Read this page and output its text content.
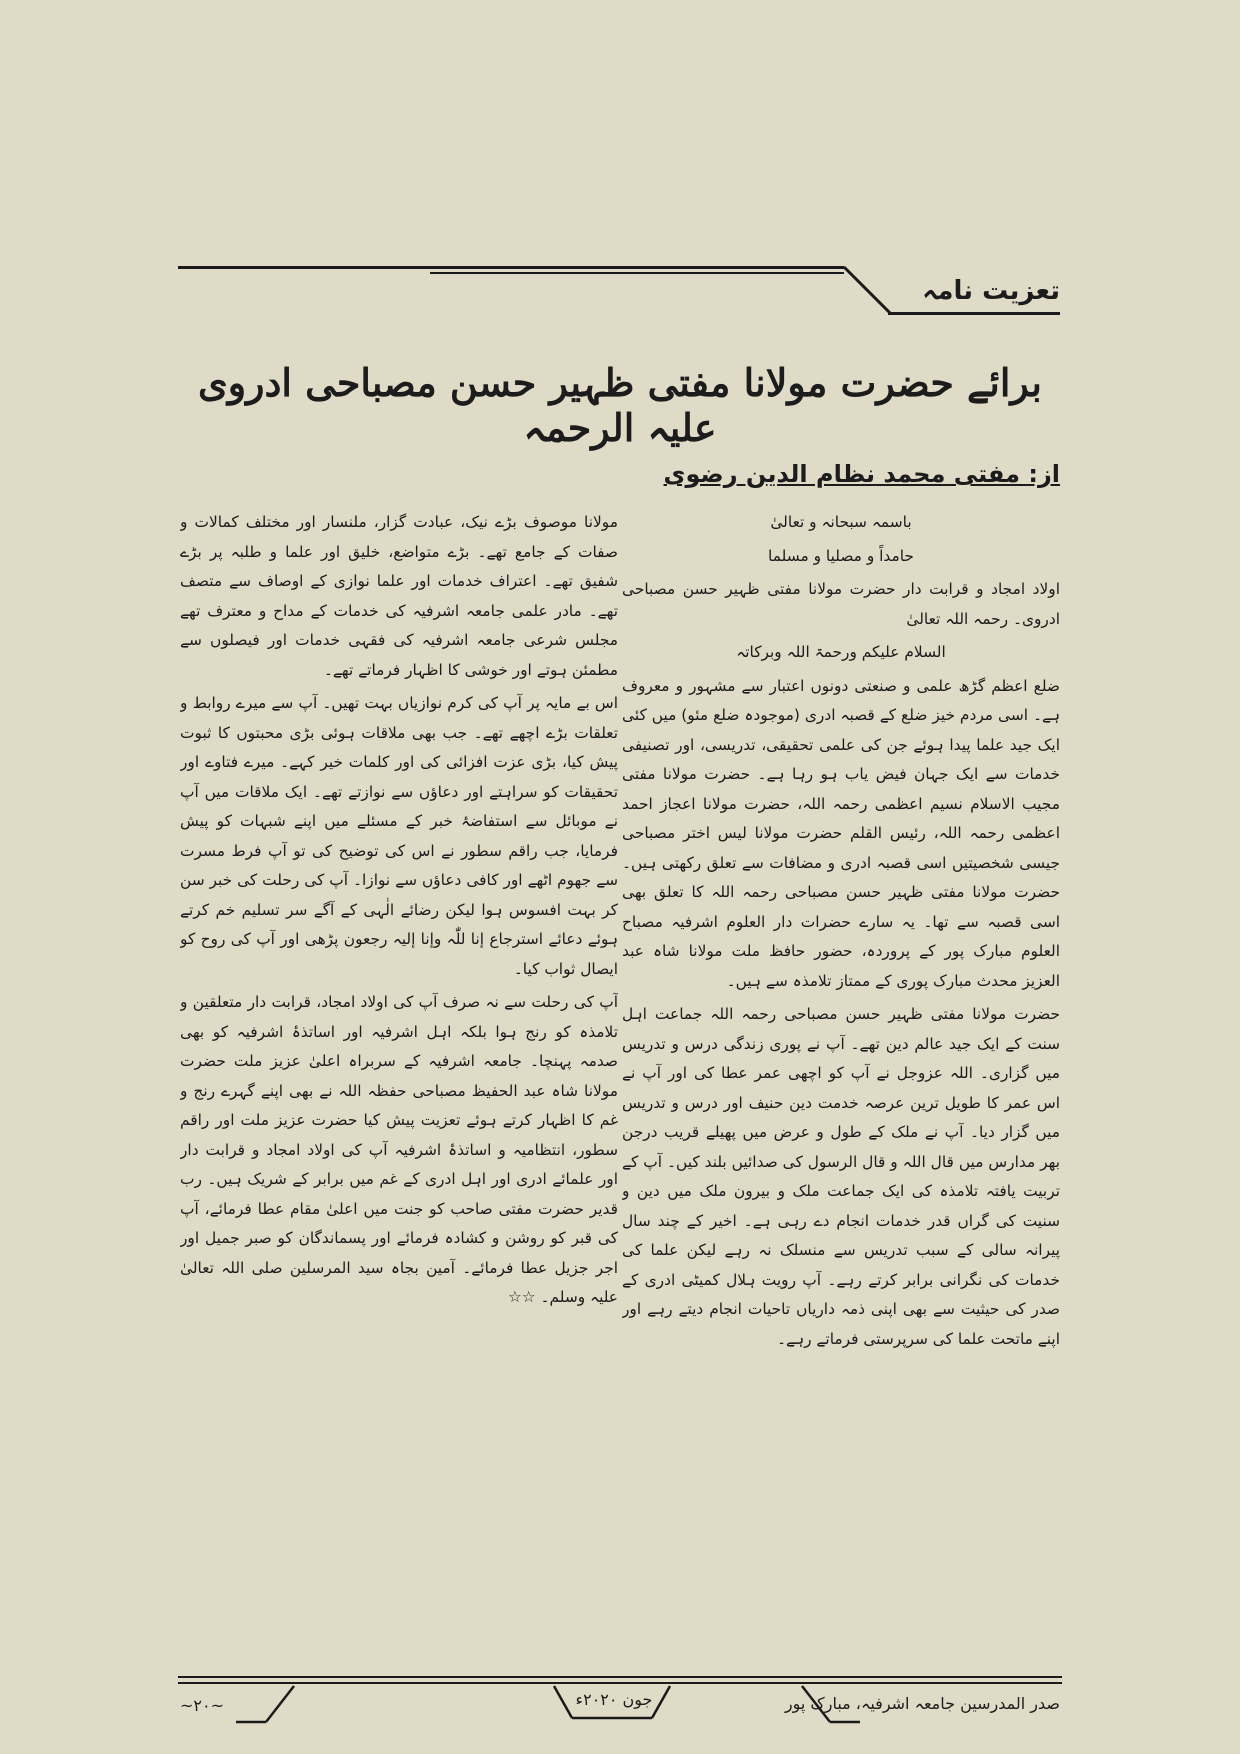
تعزیت نامہ
برائے حضرت مولانا مفتی ظہیر حسن مصباحی ادروی علیہ الرحمہ
از: مفتی محمد نظام الدین رضوی

باسمہ سبحانہ و تعالیٰ

حامداً و مصلیا و مسلما

اولاد امجاد و قرابت دار حضرت مولانا مفتی ظہیر حسن مصباحی ادروی۔ رحمہ اللہ تعالیٰ

السلام علیکم ورحمۃ اللہ وبرکاتہ

ضلع اعظم گڑھ علمی و صنعتی دونوں اعتبار سے مشہور و معروف ہے۔ اسی مردم خیز ضلع کے قصبہ ادری (موجودہ ضلع مئو) میں کئی ایک جید علما پیدا ہوئے جن کی علمی تحقیقی، تدریسی، اور تصنیفی خدمات سے ایک جہان فیض یاب ہو رہا ہے۔ حضرت مولانا مفتی مجیب الاسلام نسیم اعظمی رحمہ اللہ، حضرت مولانا اعجاز احمد اعظمی رحمہ اللہ، رئیس القلم حضرت مولانا لیس اختر مصباحی جیسی شخصیتیں اسی قصبہ ادری و مضافات سے تعلق رکھتی ہیں۔ حضرت مولانا مفتی ظہیر حسن مصباحی رحمہ اللہ کا تعلق بھی اسی قصبہ سے تھا۔ یہ سارے حضرات دار العلوم اشرفیہ مصباح العلوم مبارک پور کے پروردہ، حضور حافظ ملت مولانا شاہ عبد العزیز محدث مبارک پوری کے ممتاز تلامذہ سے ہیں۔

حضرت مولانا مفتی ظہیر حسن مصباحی رحمہ اللہ جماعت اہل سنت کے ایک جید عالم دین تھے۔ آپ نے پوری زندگی درس و تدریس میں گزاری۔ اللہ عزوجل نے آپ کو اچھی عمر عطا کی اور آپ نے اس عمر کا طویل ترین عرصہ خدمت دین حنیف اور درس و تدریس میں گزار دیا۔ آپ نے ملک کے طول و عرض میں پھیلے قریب درجن بھر مدارس میں قال اللہ و قال الرسول کی صدائیں بلند کیں۔ آپ کے تربیت یافتہ تلامذہ کی ایک جماعت ملک و بیرون ملک میں دین و سنیت کی گراں قدر خدمات انجام دے رہی ہے۔ اخیر کے چند سال پیرانہ سالی کے سبب تدریس سے منسلک نہ رہے لیکن علما کی خدمات کی نگرانی برابر کرتے رہے۔ آپ رویت ہلال کمیٹی ادری کے صدر کی حیثیت سے بھی اپنی ذمہ داریاں تاحیات انجام دیتے رہے اور اپنے ماتحت علما کی سرپرستی فرماتے رہے۔

مولانا موصوف بڑے نیک، عبادت گزار، ملنسار اور مختلف کمالات و صفات کے جامع تھے۔ بڑے متواضع، خلیق اور علما و طلبہ پر بڑے شفیق تھے۔ اعتراف خدمات اور علما نوازی کے اوصاف سے متصف تھے۔ مادر علمی جامعہ اشرفیہ کی خدمات کے مداح و معترف تھے مجلس شرعی جامعہ اشرفیہ کی فقہی خدمات اور فیصلوں سے مطمئن ہوتے اور خوشی کا اظہار فرماتے تھے۔

اس بے مایہ پر آپ کی کرم نوازیاں بہت تھیں۔ آپ سے میرے روابط و تعلقات بڑے اچھے تھے۔ جب بھی ملاقات ہوئی بڑی محبتوں کا ثبوت پیش کیا، بڑی عزت افزائی کی اور کلمات خیر کہے۔ میرے فتاوے اور تحقیقات کو سراہتے اور دعاؤں سے نوازتے تھے۔ ایک ملاقات میں آپ نے موبائل سے استفاضۂ خبر کے مسئلے میں اپنے شبہات کو پیش فرمایا، جب راقم سطور نے اس کی توضیح کی تو آپ فرط مسرت سے جھوم اٹھے اور کافی دعاؤں سے نوازا۔ آپ کی رحلت کی خبر سن کر بہت افسوس ہوا لیکن رضائے الٰہی کے آگے سر تسلیم خم کرتے ہوئے دعائے استرجاع إنا للّٰہ وإنا إلیہ رجعون پڑھی اور آپ کی روح کو ایصال ثواب کیا۔

آپ کی رحلت سے نہ صرف آپ کی اولاد امجاد، قرابت دار متعلقین و تلامذہ کو رنج ہوا بلکہ اہل اشرفیہ اور اساتذۂ اشرفیہ کو بھی صدمہ پہنچا۔ جامعہ اشرفیہ کے سربراہ اعلیٰ عزیز ملت حضرت مولانا شاہ عبد الحفیظ مصباحی حفظہ اللہ نے بھی اپنے گہرے رنج و غم کا اظہار کرتے ہوئے تعزیت پیش کیا حضرت عزیز ملت اور راقم سطور، انتظامیہ و اساتذۂ اشرفیہ آپ کی اولاد امجاد و قرابت دار اور علمائے ادری اور اہل ادری کے غم میں برابر کے شریک ہیں۔ رب قدیر حضرت مفتی صاحب کو جنت میں اعلیٰ مقام عطا فرمائے، آپ کی قبر کو روشن و کشادہ فرمائے اور پسماندگان کو صبر جمیل اور اجر جزیل عطا فرمائے۔ آمین بجاہ سید المرسلین صلی اللہ تعالیٰ علیہ وسلم۔ ☆☆

صدر المدرسین جامعہ اشرفیہ، مبارک پور
جون ۲۰۲۰ء
~۲۰~
